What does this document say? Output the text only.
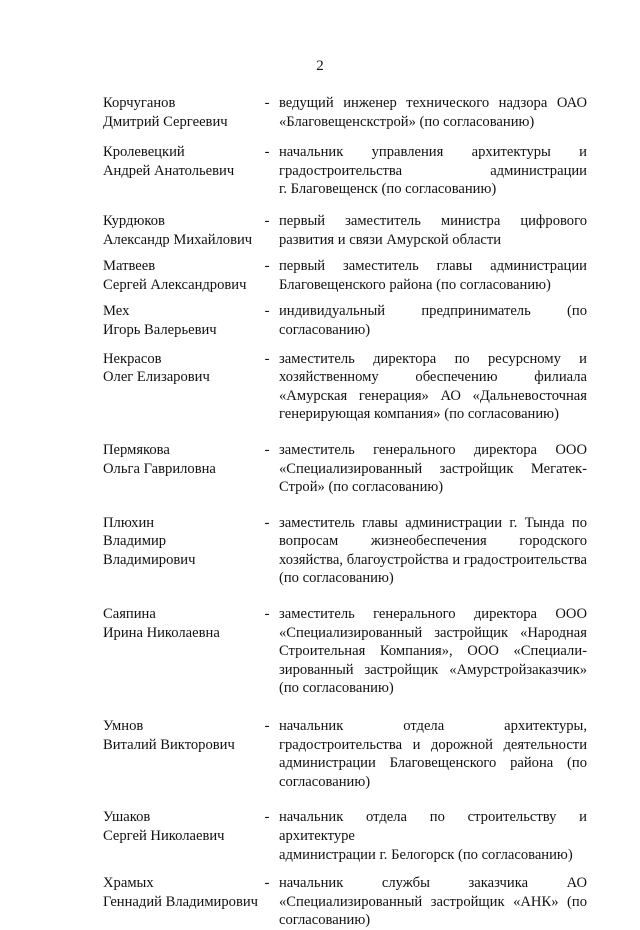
2
Корчуганов
Дмитрий Сергеевич
- ведущий инженер технического надзора ОАО
«Благовещенскстрой» (по согласованию)
Кролевецкий
Андрей Анатольевич
- начальник управления архитектуры и
градостроительства администрации
г. Благовещенск (по согласованию)
Курдюков
Александр Михайлович
- первый заместитель министра цифрового
развития и связи Амурской области
Матвеев
Сергей Александрович
- первый заместитель главы администрации
Благовещенского района (по согласованию)
Мех
Игорь Валерьевич
- индивидуальный предприниматель (по
согласованию)
Некрасов
Олег Елизарович
- заместитель директора по ресурсному и
хозяйственному обеспечению филиала
«Амурская генерация» АО «Дальневосточная
генерирующая компания» (по согласованию)
Пермякова
Ольга Гавриловна
- заместитель генерального директора ООО
«Специализированный застройщик Мегатек-
Строй» (по согласованию)
Плюхин
Владимир
Владимирович
- заместитель главы администрации г. Тында по
вопросам жизнеобеспечения городского
хозяйства, благоустройства и градостроительства
(по согласованию)
Саяпина
Ирина Николаевна
- заместитель генерального директора ООО
«Специализированный застройщик «Народная
Строительная Компания», ООО «Специали-
зированный застройщик «Амурстройзаказчик»
(по согласованию)
Умнов
Виталий Викторович
- начальник отдела архитектуры,
градостроительства и дорожной деятельности
администрации Благовещенского района (по
согласованию)
Ушаков
Сергей Николаевич
- начальник отдела по строительству и архитектуре
администрации г. Белогорск (по согласованию)
Храмых
Геннадий Владимирович
- начальник службы заказчика АО
«Специализированный застройщик «АНК» (по
согласованию)
